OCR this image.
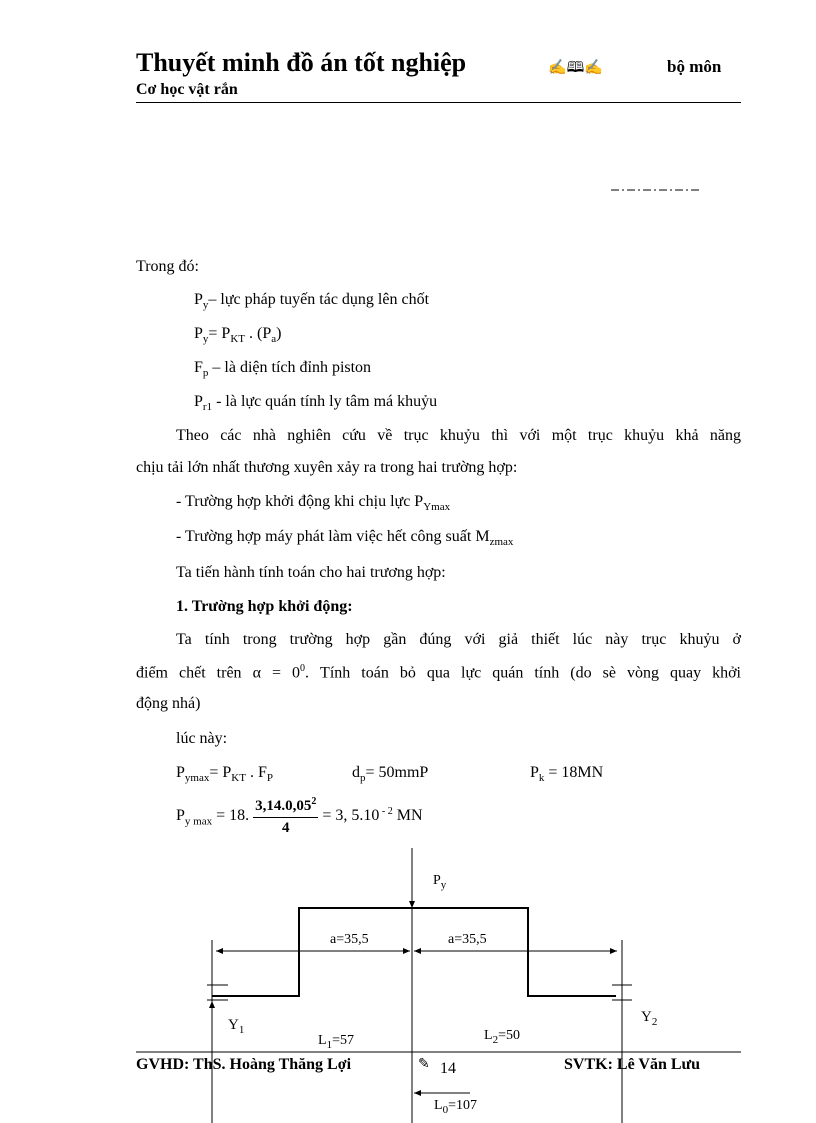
Thuyết minh đồ án tốt nghiệp
Cơ học vật rắn
✍🕮✍	bộ môn
Trong đó:
$P_y-$ lực pháp tuyến tác dụng lên chốt
$P_y= P_{KT}$ . $(P_a)$
$F_p$ – là diện tích đỉnh piston
$P_{r1}$ - là lực quán tính ly tâm má khuỷu
Theo các nhà nghiên cứu về trục khuỷu thì với một trục khuỷu khả năng
chịu tải lớn nhất thương xuyên xảy ra trong hai trường hợp:
- Trường hợp khởi động khi chịu lực $P_{Ymax}$
- Trường hợp máy phát làm việc hết công suất $M_{zmax}$
Ta tiến hành tính toán cho hai trương hợp:
1. Trường hợp khởi động:
Ta tính trong trường hợp gần đúng với giả thiết lúc này trục khuỷu ở
điểm chết trên $\alpha = 0^0$. Tính toán bỏ qua lực quán tính (do sè vòng quay khởi
động nhá)
lúc này:
$P_{ymax}= P_{KT}$ . $F_P$	$d_p= 50mmP$	$P_k = 18MN$
$P_{y max} = 18$. $\frac{3,14.0,05^2}{4} = 3$, 5.10 $^{- 2}$ MN
$P_y$
a=35,5	a=35,5
$Y_1$
$Y_2$
$L_1=57$	$L_2=50$
$L_0=107$
GVHD: ThS. Hoàng Thăng Lợi	✎ 14	SVTK: Lê Văn Lưu
